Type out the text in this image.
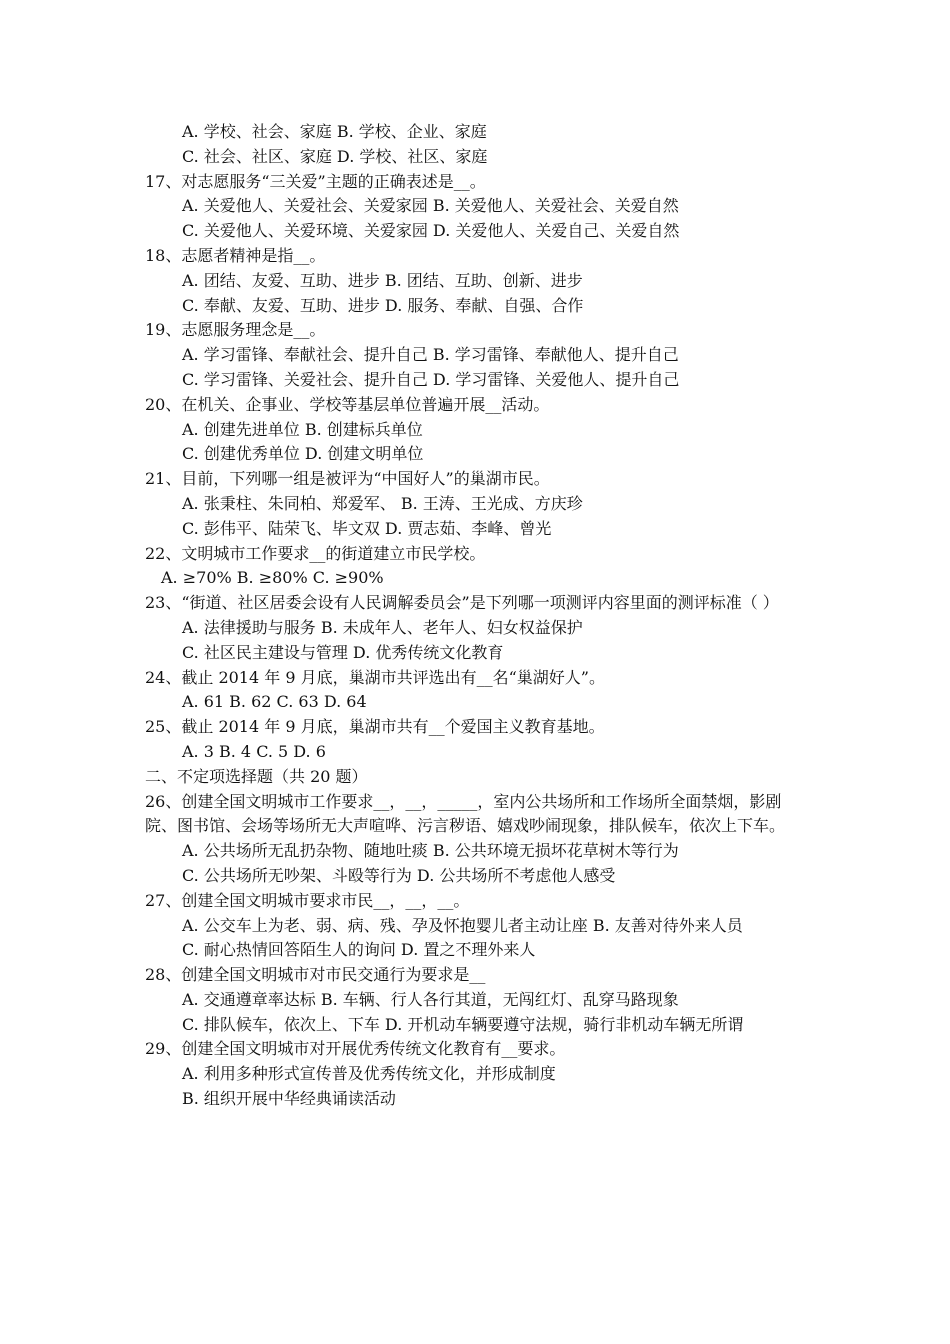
A. 学校、社会、家庭 B. 学校、企业、家庭
C. 社会、社区、家庭 D. 学校、社区、家庭
17、对志愿服务“三关爱”主题的正确表述是__。
A. 关爱他人、关爱社会、关爱家园 B. 关爱他人、关爱社会、关爱自然
C. 关爱他人、关爱环境、关爱家园 D. 关爱他人、关爱自己、关爱自然
18、志愿者精神是指__。
A. 团结、友爱、互助、进步 B. 团结、互助、创新、进步
C. 奉献、友爱、互助、进步 D. 服务、奉献、自强、合作
19、志愿服务理念是__。
A. 学习雷锋、奉献社会、提升自己 B. 学习雷锋、奉献他人、提升自己
C. 学习雷锋、关爱社会、提升自己 D. 学习雷锋、关爱他人、提升自己
20、在机关、企事业、学校等基层单位普遍开展__活动。
A. 创建先进单位 B. 创建标兵单位
C. 创建优秀单位 D. 创建文明单位
21、目前，下列哪一组是被评为“中国好人”的巢湖市民。
A. 张秉柱、朱同柏、郑爱军、 B. 王涛、王光成、方庆珍
C. 彭伟平、陆荣飞、毕文双 D. 贾志茹、李峰、曾光
22、文明城市工作要求__的街道建立市民学校。
A. ≥70% B. ≥80% C. ≥90%
23、“街道、社区居委会设有人民调解委员会”是下列哪一项测评内容里面的测评标准（ ）
A. 法律援助与服务 B. 未成年人、老年人、妇女权益保护
C. 社区民主建设与管理 D. 优秀传统文化教育
24、截止 2014 年 9 月底，巢湖市共评选出有__名“巢湖好人”。
A. 61 B. 62 C. 63 D. 64
25、截止 2014 年 9 月底，巢湖市共有__个爱国主义教育基地。
A. 3 B. 4 C. 5 D. 6
二、不定项选择题（共 20 题）
26、创建全国文明城市工作要求__，__，_____，室内公共场所和工作场所全面禁烟，影剧院、图书馆、会场等场所无大声喧哗、污言秽语、嬉戏吵闹现象，排队候车，依次上下车。
A. 公共场所无乱扔杂物、随地吐痰 B. 公共环境无损坏花草树木等行为
C. 公共场所无吵架、斗殴等行为 D. 公共场所不考虑他人感受
27、创建全国文明城市要求市民__，__，__。
A. 公交车上为老、弱、病、残、孕及怀抱婴儿者主动让座 B. 友善对待外来人员
C. 耐心热情回答陌生人的询问 D. 置之不理外来人
28、创建全国文明城市对市民交通行为要求是__
A. 交通遵章率达标 B. 车辆、行人各行其道，无闯红灯、乱穿马路现象
C. 排队候车，依次上、下车 D. 开机动车辆要遵守法规，骑行非机动车辆无所谓
29、创建全国文明城市对开展优秀传统文化教育有__要求。
A. 利用多种形式宣传普及优秀传统文化，并形成制度
B. 组织开展中华经典诵读活动
